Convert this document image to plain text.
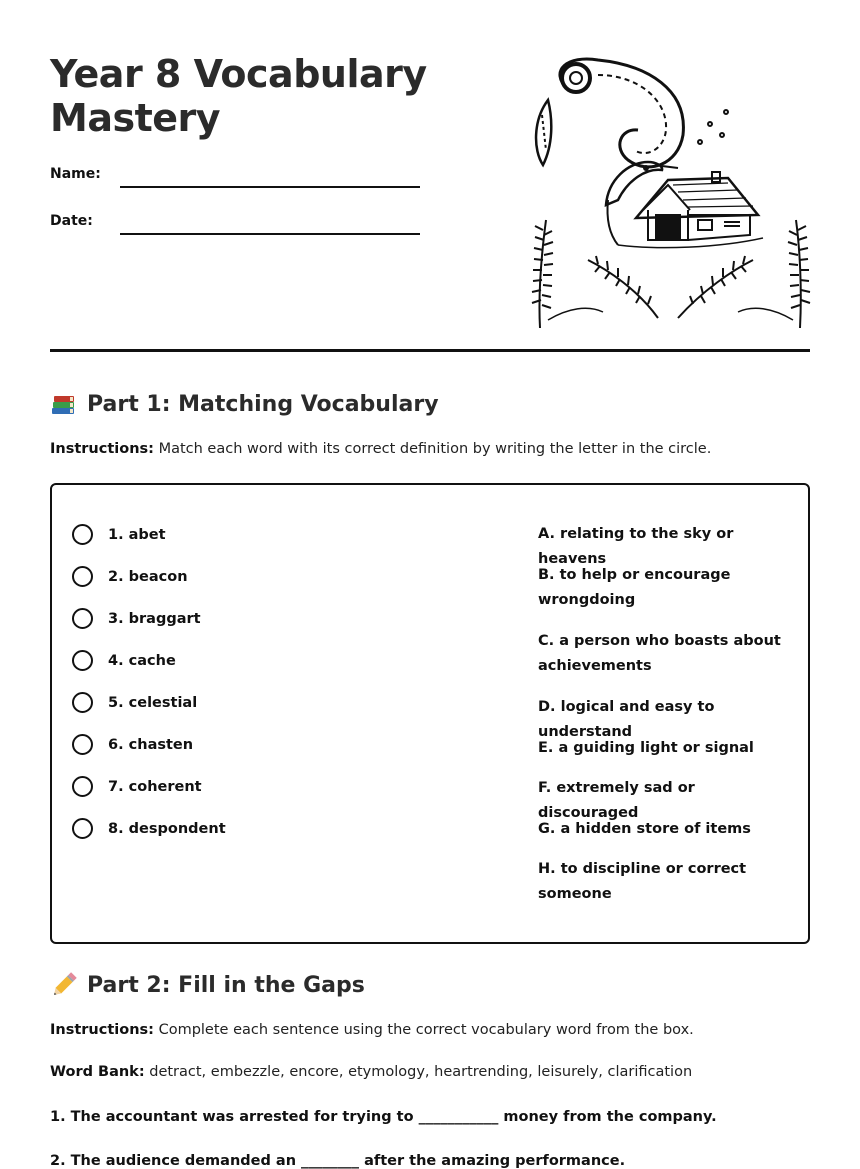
Year 8 Vocabulary
Mastery
Name:
Date:
Part 1: Matching Vocabulary
Instructions: Match each word with its correct definition by writing the letter in the circle.
1. abet
2. beacon
3. braggart
4. cache
5. celestial
6. chasten
7. coherent
8. despondent
A. relating to the sky or heavens
B. to help or encourage wrongdoing
C. a person who boasts about achievements
D. logical and easy to understand
E. a guiding light or signal
F. extremely sad or discouraged
G. a hidden store of items
H. to discipline or correct someone
Part 2: Fill in the Gaps
Instructions: Complete each sentence using the correct vocabulary word from the box.
Word Bank: detract, embezzle, encore, etymology, heartrending, leisurely, clarification
1. The accountant was arrested for trying to ___________ money from the company.
2. The audience demanded an ________ after the amazing performance.
